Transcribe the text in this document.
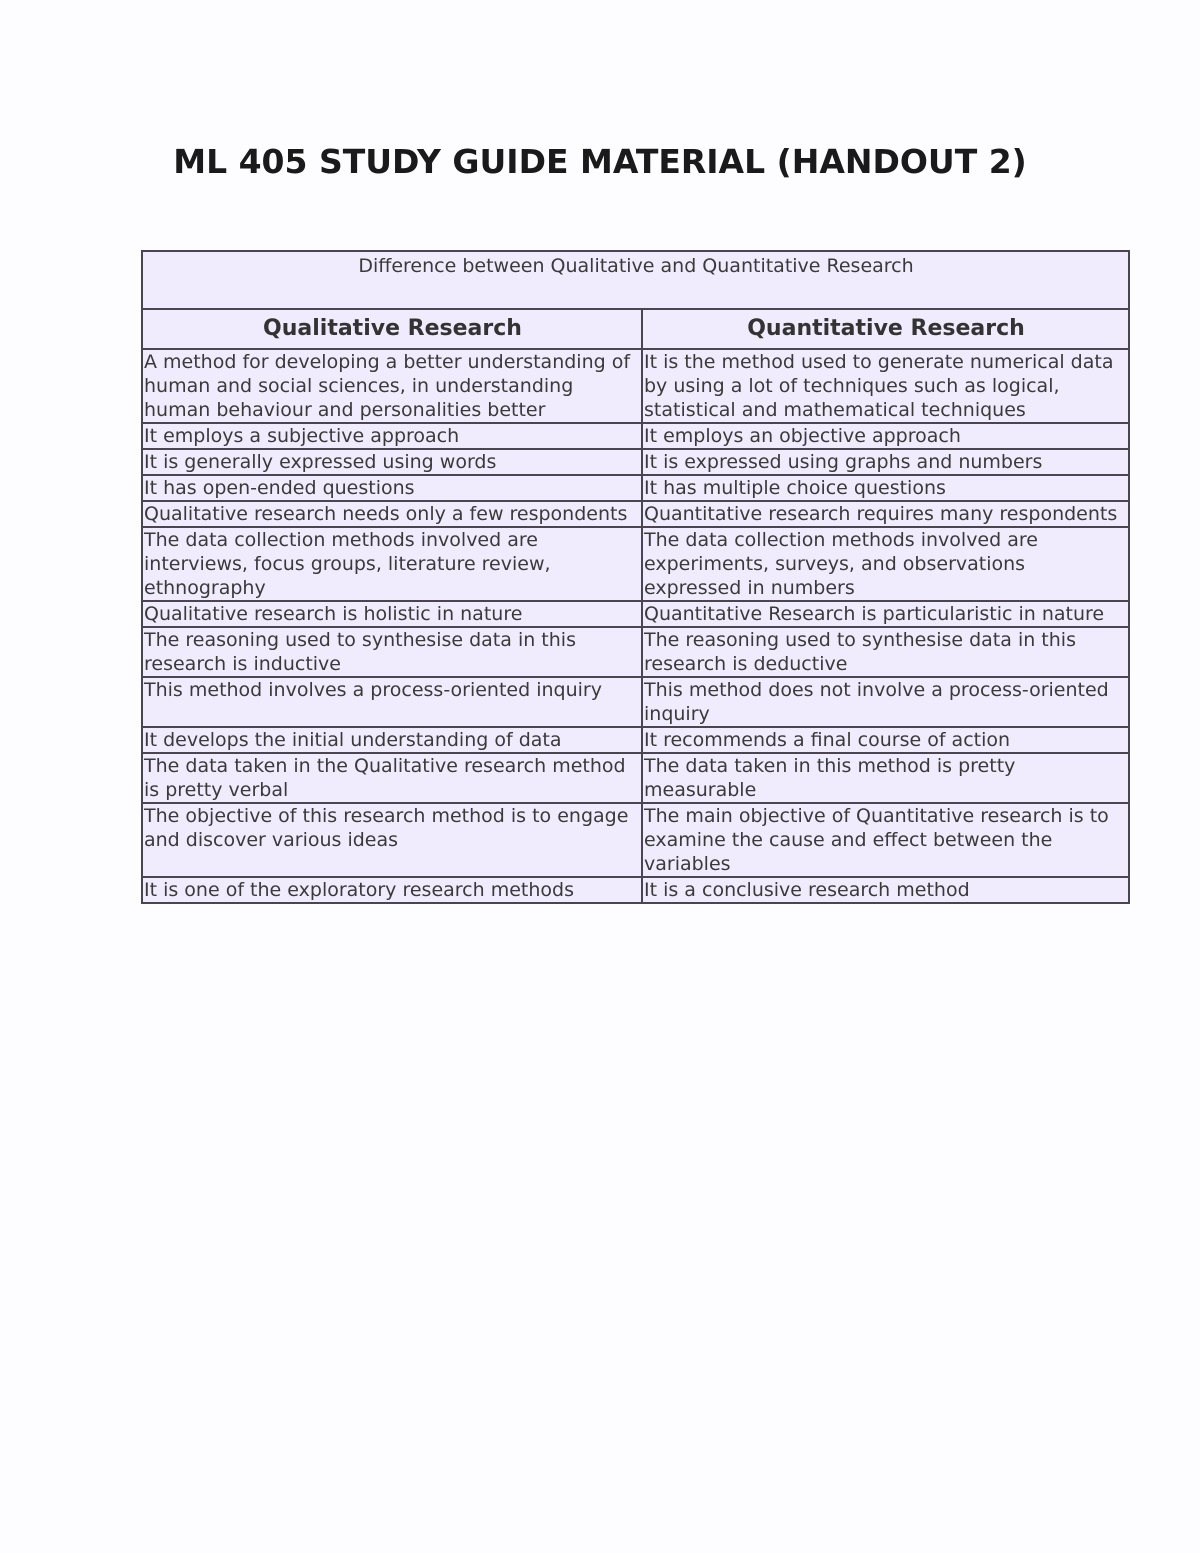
ML 405 STUDY GUIDE MATERIAL (HANDOUT 2)
Difference between Qualitative and Quantitative Research	
Qualitative Research	Quantitative Research
A method for developing a better understanding of human and social sciences, in understanding human behaviour and personalities better	It is the method used to generate numerical data by using a lot of techniques such as logical, statistical and mathematical techniques
It employs a subjective approach	It employs an objective approach
It is generally expressed using words	It is expressed using graphs and numbers
It has open-ended questions	It has multiple choice questions
Qualitative research needs only a few respondents	Quantitative research requires many respondents
The data collection methods involved are interviews, focus groups, literature review, ethnography	The data collection methods involved are experiments, surveys, and observations expressed in numbers
Qualitative research is holistic in nature	Quantitative Research is particularistic in nature
The reasoning used to synthesise data in this research is inductive	The reasoning used to synthesise data in this research is deductive
This method involves a process-oriented inquiry	This method does not involve a process-oriented inquiry
It develops the initial understanding of data	It recommends a final course of action
The data taken in the Qualitative research method is pretty verbal	The data taken in this method is pretty measurable
The objective of this research method is to engage and discover various ideas	The main objective of Quantitative research is to examine the cause and effect between the variables
It is one of the exploratory research methods	It is a conclusive research method
